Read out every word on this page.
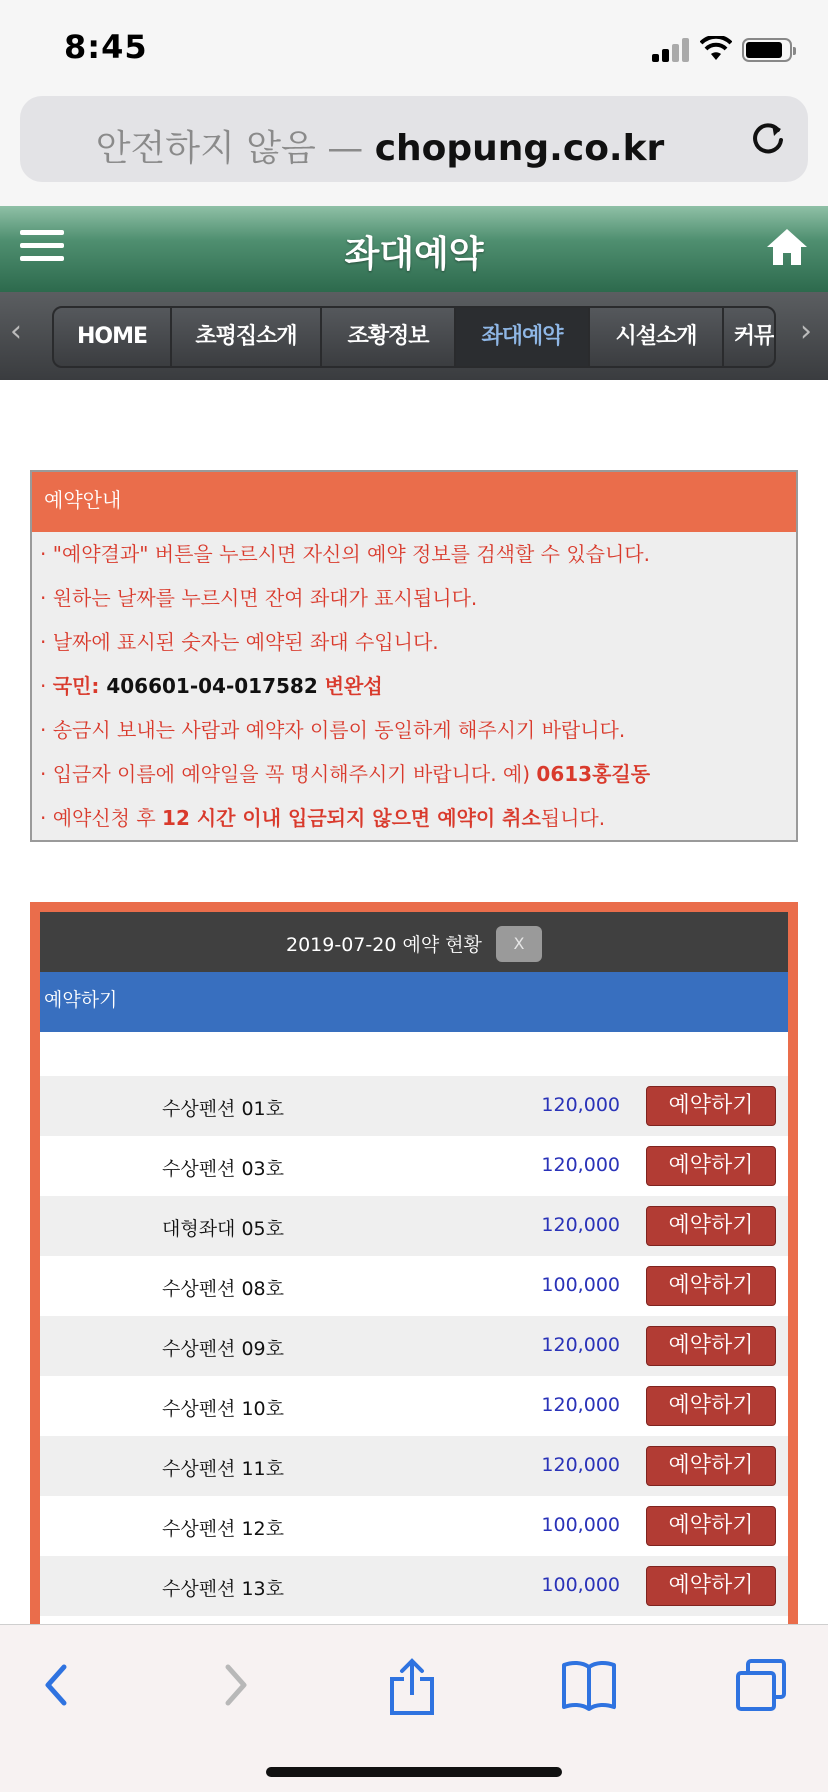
8:45
안전하지 않음 — chopung.co.kr
좌대예약
‹	HOME	초평집소개	조황정보	좌대예약	시설소개	커뮤 ›
예약안내
· "예약결과" 버튼을 누르시면 자신의 예약 정보를 검색할 수 있습니다.
· 원하는 날짜를 누르시면 잔여 좌대가 표시됩니다.
· 날짜에 표시된 숫자는 예약된 좌대 수입니다.
· 국민: 406601-04-017582 변완섭
· 송금시 보내는 사람과 예약자 이름이 동일하게 해주시기 바랍니다.
· 입금자 이름에 예약일을 꼭 명시해주시기 바랍니다. 예) 0613홍길동
· 예약신청 후 12 시간 이내 입금되지 않으면 예약이 취소됩니다.
2019-07-20 예약 현황	X
예약하기
수상펜션 01호	120,000	예약하기
수상펜션 03호	120,000	예약하기
대형좌대 05호	120,000	예약하기
수상펜션 08호	100,000	예약하기
수상펜션 09호	120,000	예약하기
수상펜션 10호	120,000	예약하기
수상펜션 11호	120,000	예약하기
수상펜션 12호	100,000	예약하기
수상펜션 13호	100,000	예약하기
